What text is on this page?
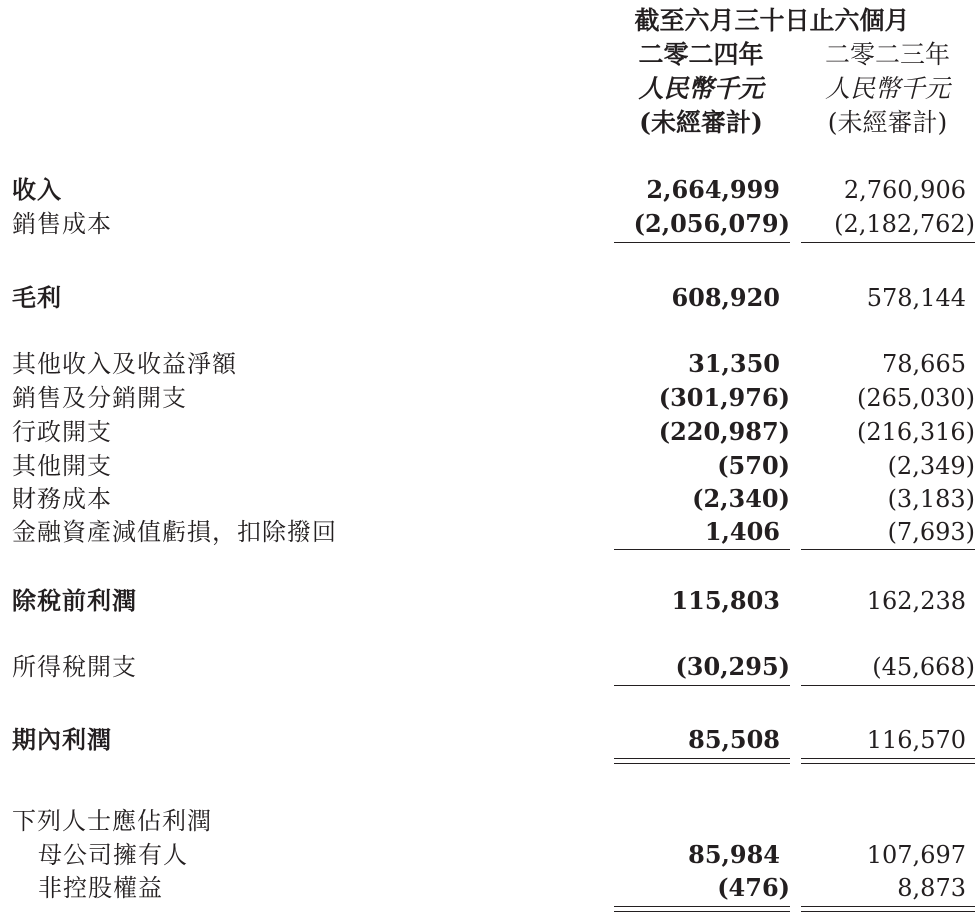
截至六月三十日止六個月
二零二四年	二零二三年
人民幣千元	人民幣千元
(未經審計)	(未經審計)
收入	2,664,999	2,760,906
銷售成本	(2,056,079)	(2,182,762)
毛利	608,920	578,144
其他收入及收益淨額	31,350	78,665
銷售及分銷開支	(301,976)	(265,030)
行政開支	(220,987)	(216,316)
其他開支	(570)	(2,349)
財務成本	(2,340)	(3,183)
金融資產減值虧損，扣除撥回	1,406	(7,693)
除稅前利潤	115,803	162,238
所得稅開支	(30,295)	(45,668)
期內利潤	85,508	116,570
下列人士應佔利潤
母公司擁有人	85,984	107,697
非控股權益	(476)	8,873
